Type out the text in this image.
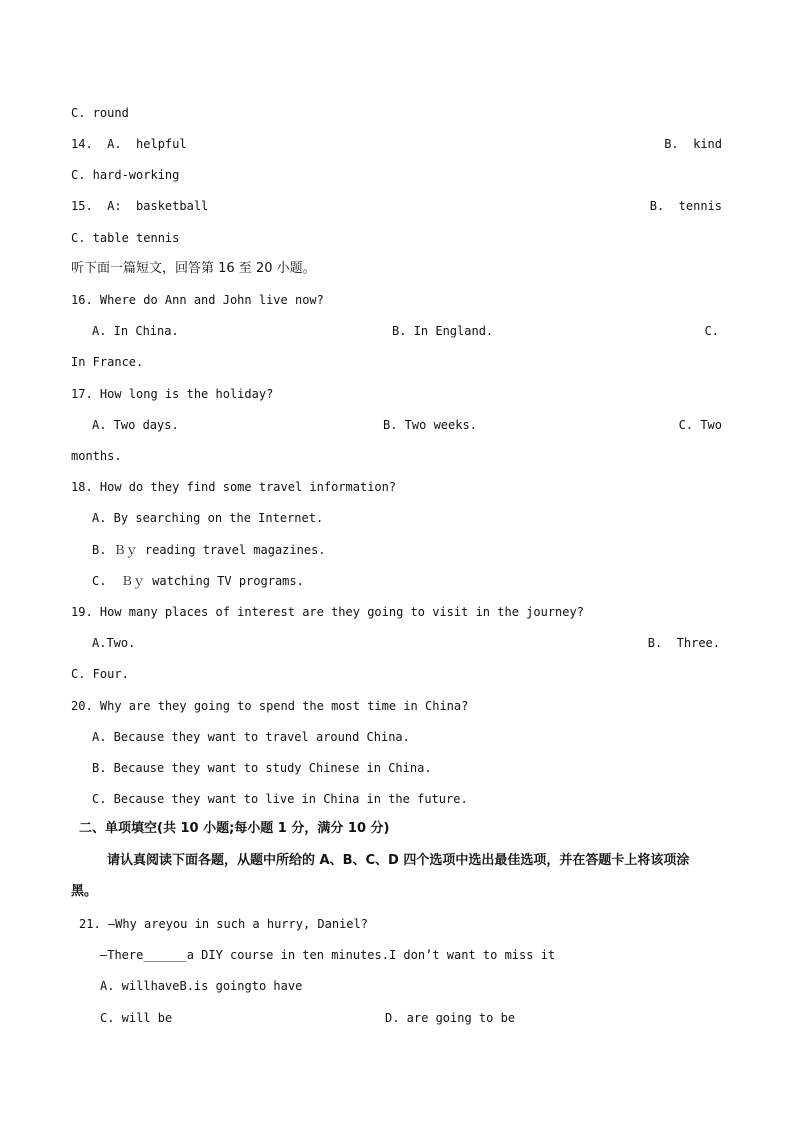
C. round
14.  A.  helpful	B.  kind
C. hard-working
15.  A:  basketball	B.  tennis
C. table tennis
听下面一篇短文，回答第 16 至 20 小题。
16. Where do Ann and John live now?
A. In China.	B. In England.	C.
In France.
17. How long is the holiday?
A. Two days.	B. Two weeks.	C. Two
months.
18. How do they find some travel information?
A. By searching on the Internet.
B. Ｂｙ reading travel magazines.
C.  Ｂｙ watching TV programs.
19. How many places of interest are they going to visit in the journey?
A.Two.	B.  Three.
C. Four.
20. Why are they going to spend the most time in China?
A. Because they want to travel around China.
B. Because they want to study Chinese in China.
C. Because they want to live in China in the future.
二、单项填空(共 10 小题;每小题 1 分，满分 10 分)
请认真阅读下面各题，从题中所给的 A、B、C、D 四个选项中选出最佳选项，并在答题卡上将该项涂
黑。
21. —Why areyou in such a hurry, Daniel?
—There______a DIY course in ten minutes.I don’t want to miss it
A. willhaveB.is goingto have
C. will be	D. are going to be
